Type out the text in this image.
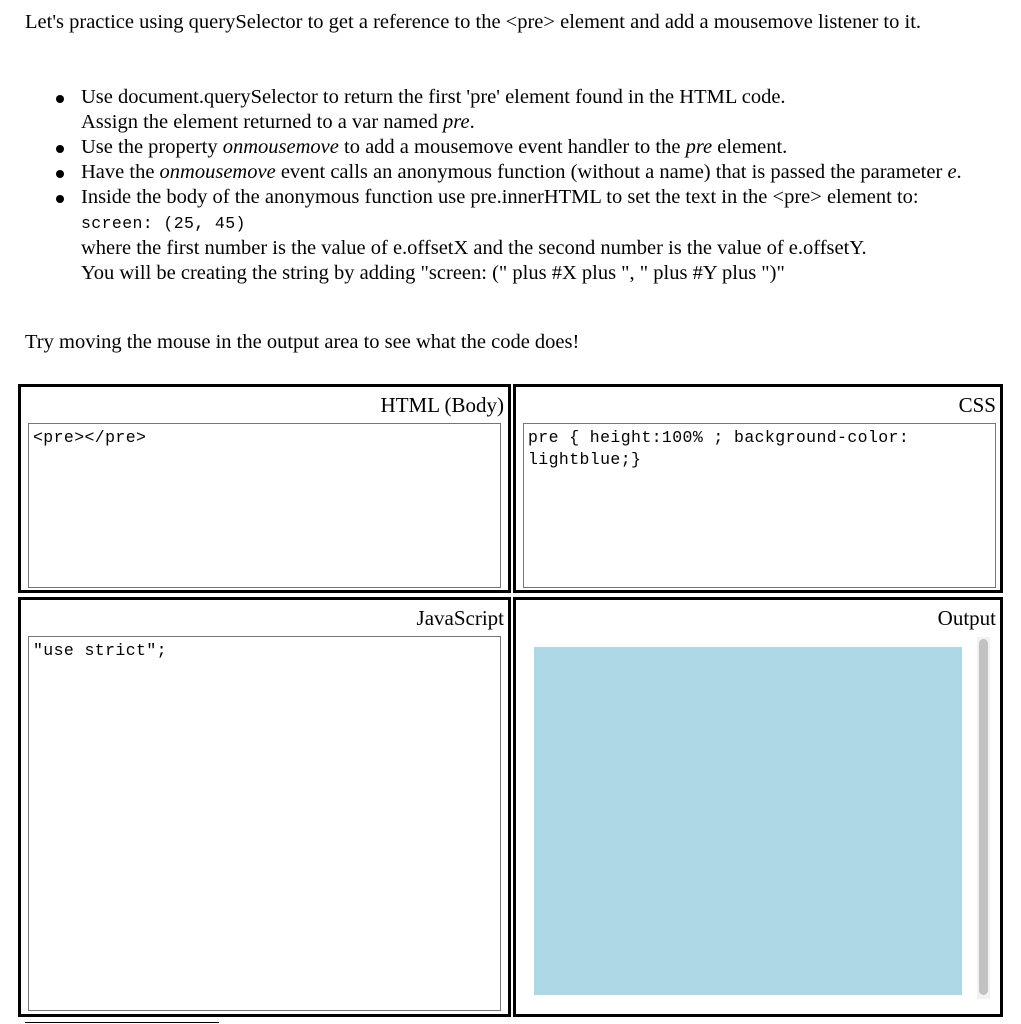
Let's practice using querySelector to get a reference to the <pre> element and add a mousemove listener to it.

Use document.querySelector to return the first 'pre' element found in the HTML code.
Assign the element returned to a var named pre.
Use the property onmousemove to add a mousemove event handler to the pre element.
Have the onmousemove event calls an anonymous function (without a name) that is passed the parameter e.
Inside the body of the anonymous function use pre.innerHTML to set the text in the <pre> element to:
screen: (25, 45)
where the first number is the value of e.offsetX and the second number is the value of e.offsetY.
You will be creating the string by adding "screen: (" plus #X plus ", " plus #Y plus ")"

Try moving the mouse in the output area to see what the code does!

HTML (Body)
<pre></pre>	CSS
pre { height:100% ; background-color: lightblue;}
JavaScript
"use strict";	Output
